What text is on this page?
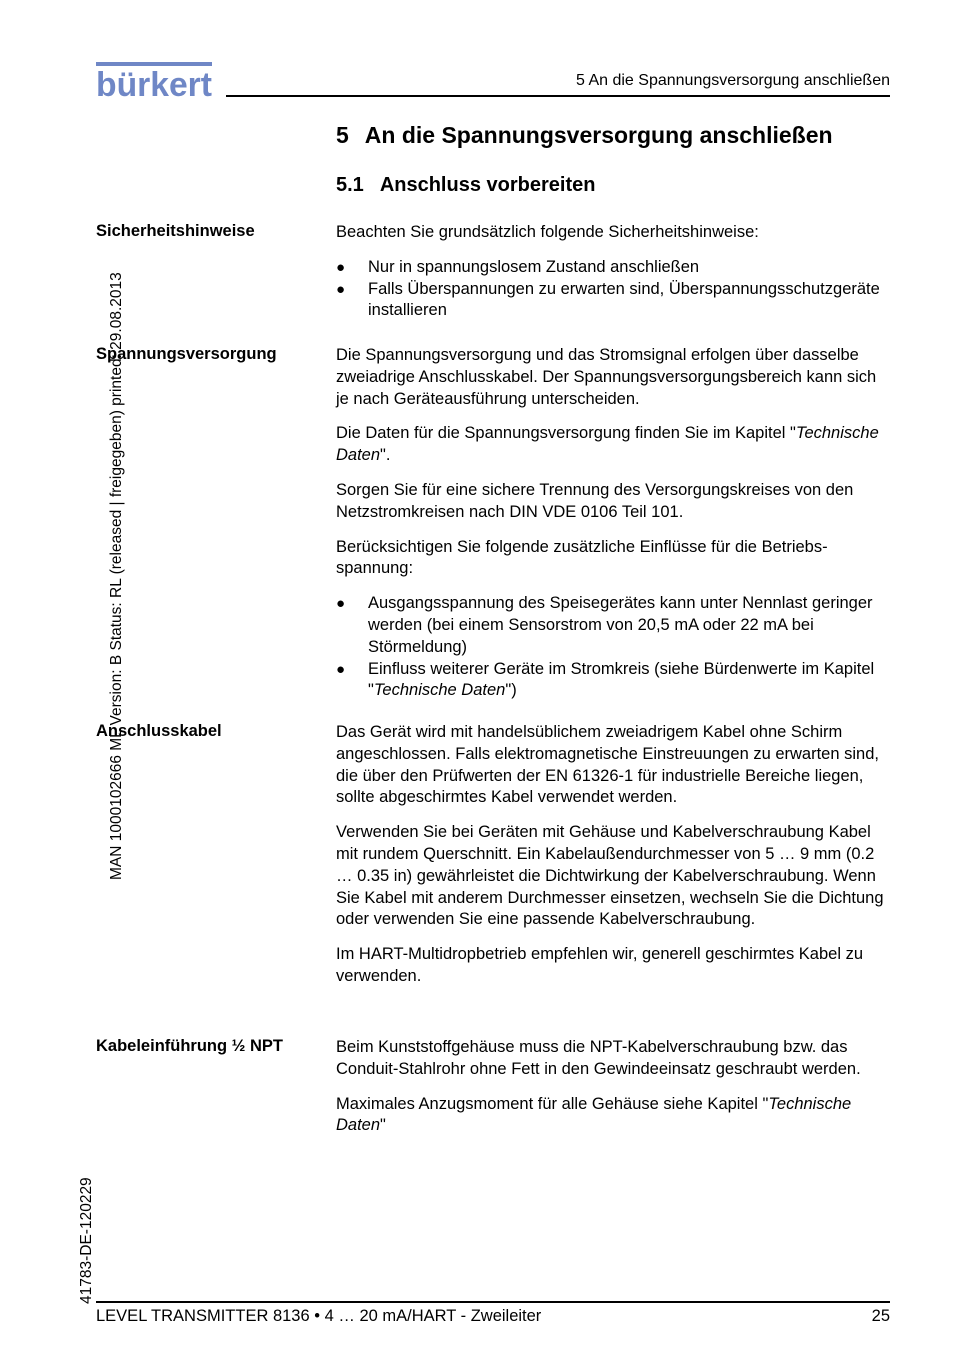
bürkert	5 An die Spannungsversorgung anschließen
MAN 1000102666 ML Version: B Status: RL (released | freigegeben) printed: 29.08.2013
41783-DE-120229
5 An die Spannungsversorgung anschließen
5.1 Anschluss vorbereiten
Sicherheitshinweise	Beachten Sie grundsätzlich folgende Sicherheitshinweise:

● Nur in spannungslosem Zustand anschließen
● Falls Überspannungen zu erwarten sind, Überspannungsschutzgeräte installieren
Spannungsversorgung	Die Spannungsversorgung und das Stromsignal erfolgen über dasselbe zweiadrige Anschlusskabel. Der Spannungsversorgungsbereich kann sich je nach Geräteausführung unterscheiden.

Die Daten für die Spannungsversorgung finden Sie im Kapitel "Technische Daten".

Sorgen Sie für eine sichere Trennung des Versorgungskreises von den Netzstromkreisen nach DIN VDE 0106 Teil 101.

Berücksichtigen Sie folgende zusätzliche Einflüsse für die Betriebsspannung:

● Ausgangsspannung des Speisegerätes kann unter Nennlast geringer werden (bei einem Sensorstrom von 20,5 mA oder 22 mA bei Störmeldung)
● Einfluss weiterer Geräte im Stromkreis (siehe Bürdenwerte im Kapitel "Technische Daten")
Anschlusskabel	Das Gerät wird mit handelsüblichem zweiadrigem Kabel ohne Schirm angeschlossen. Falls elektromagnetische Einstreuungen zu erwarten sind, die über den Prüfwerten der EN 61326-1 für industrielle Bereiche liegen, sollte abgeschirmtes Kabel verwendet werden.

Verwenden Sie bei Geräten mit Gehäuse und Kabelverschraubung Kabel mit rundem Querschnitt. Ein Kabelaußendurchmesser von 5 … 9 mm (0.2 … 0.35 in) gewährleistet die Dichtwirkung der Kabelverschraubung. Wenn Sie Kabel mit anderem Durchmesser einsetzen, wechseln Sie die Dichtung oder verwenden Sie eine passende Kabelverschraubung.

Im HART-Multidropbetrieb empfehlen wir, generell geschirmtes Kabel zu verwenden.

Kabeleinführung ½ NPT	Beim Kunststoffgehäuse muss die NPT-Kabelverschraubung bzw. das Conduit-Stahlrohr ohne Fett in den Gewindeeinsatz geschraubt werden.

Maximales Anzugsmoment für alle Gehäuse siehe Kapitel "Technische Daten"

LEVEL TRANSMITTER 8136 • 4 … 20 mA/HART - Zweileiter	25
